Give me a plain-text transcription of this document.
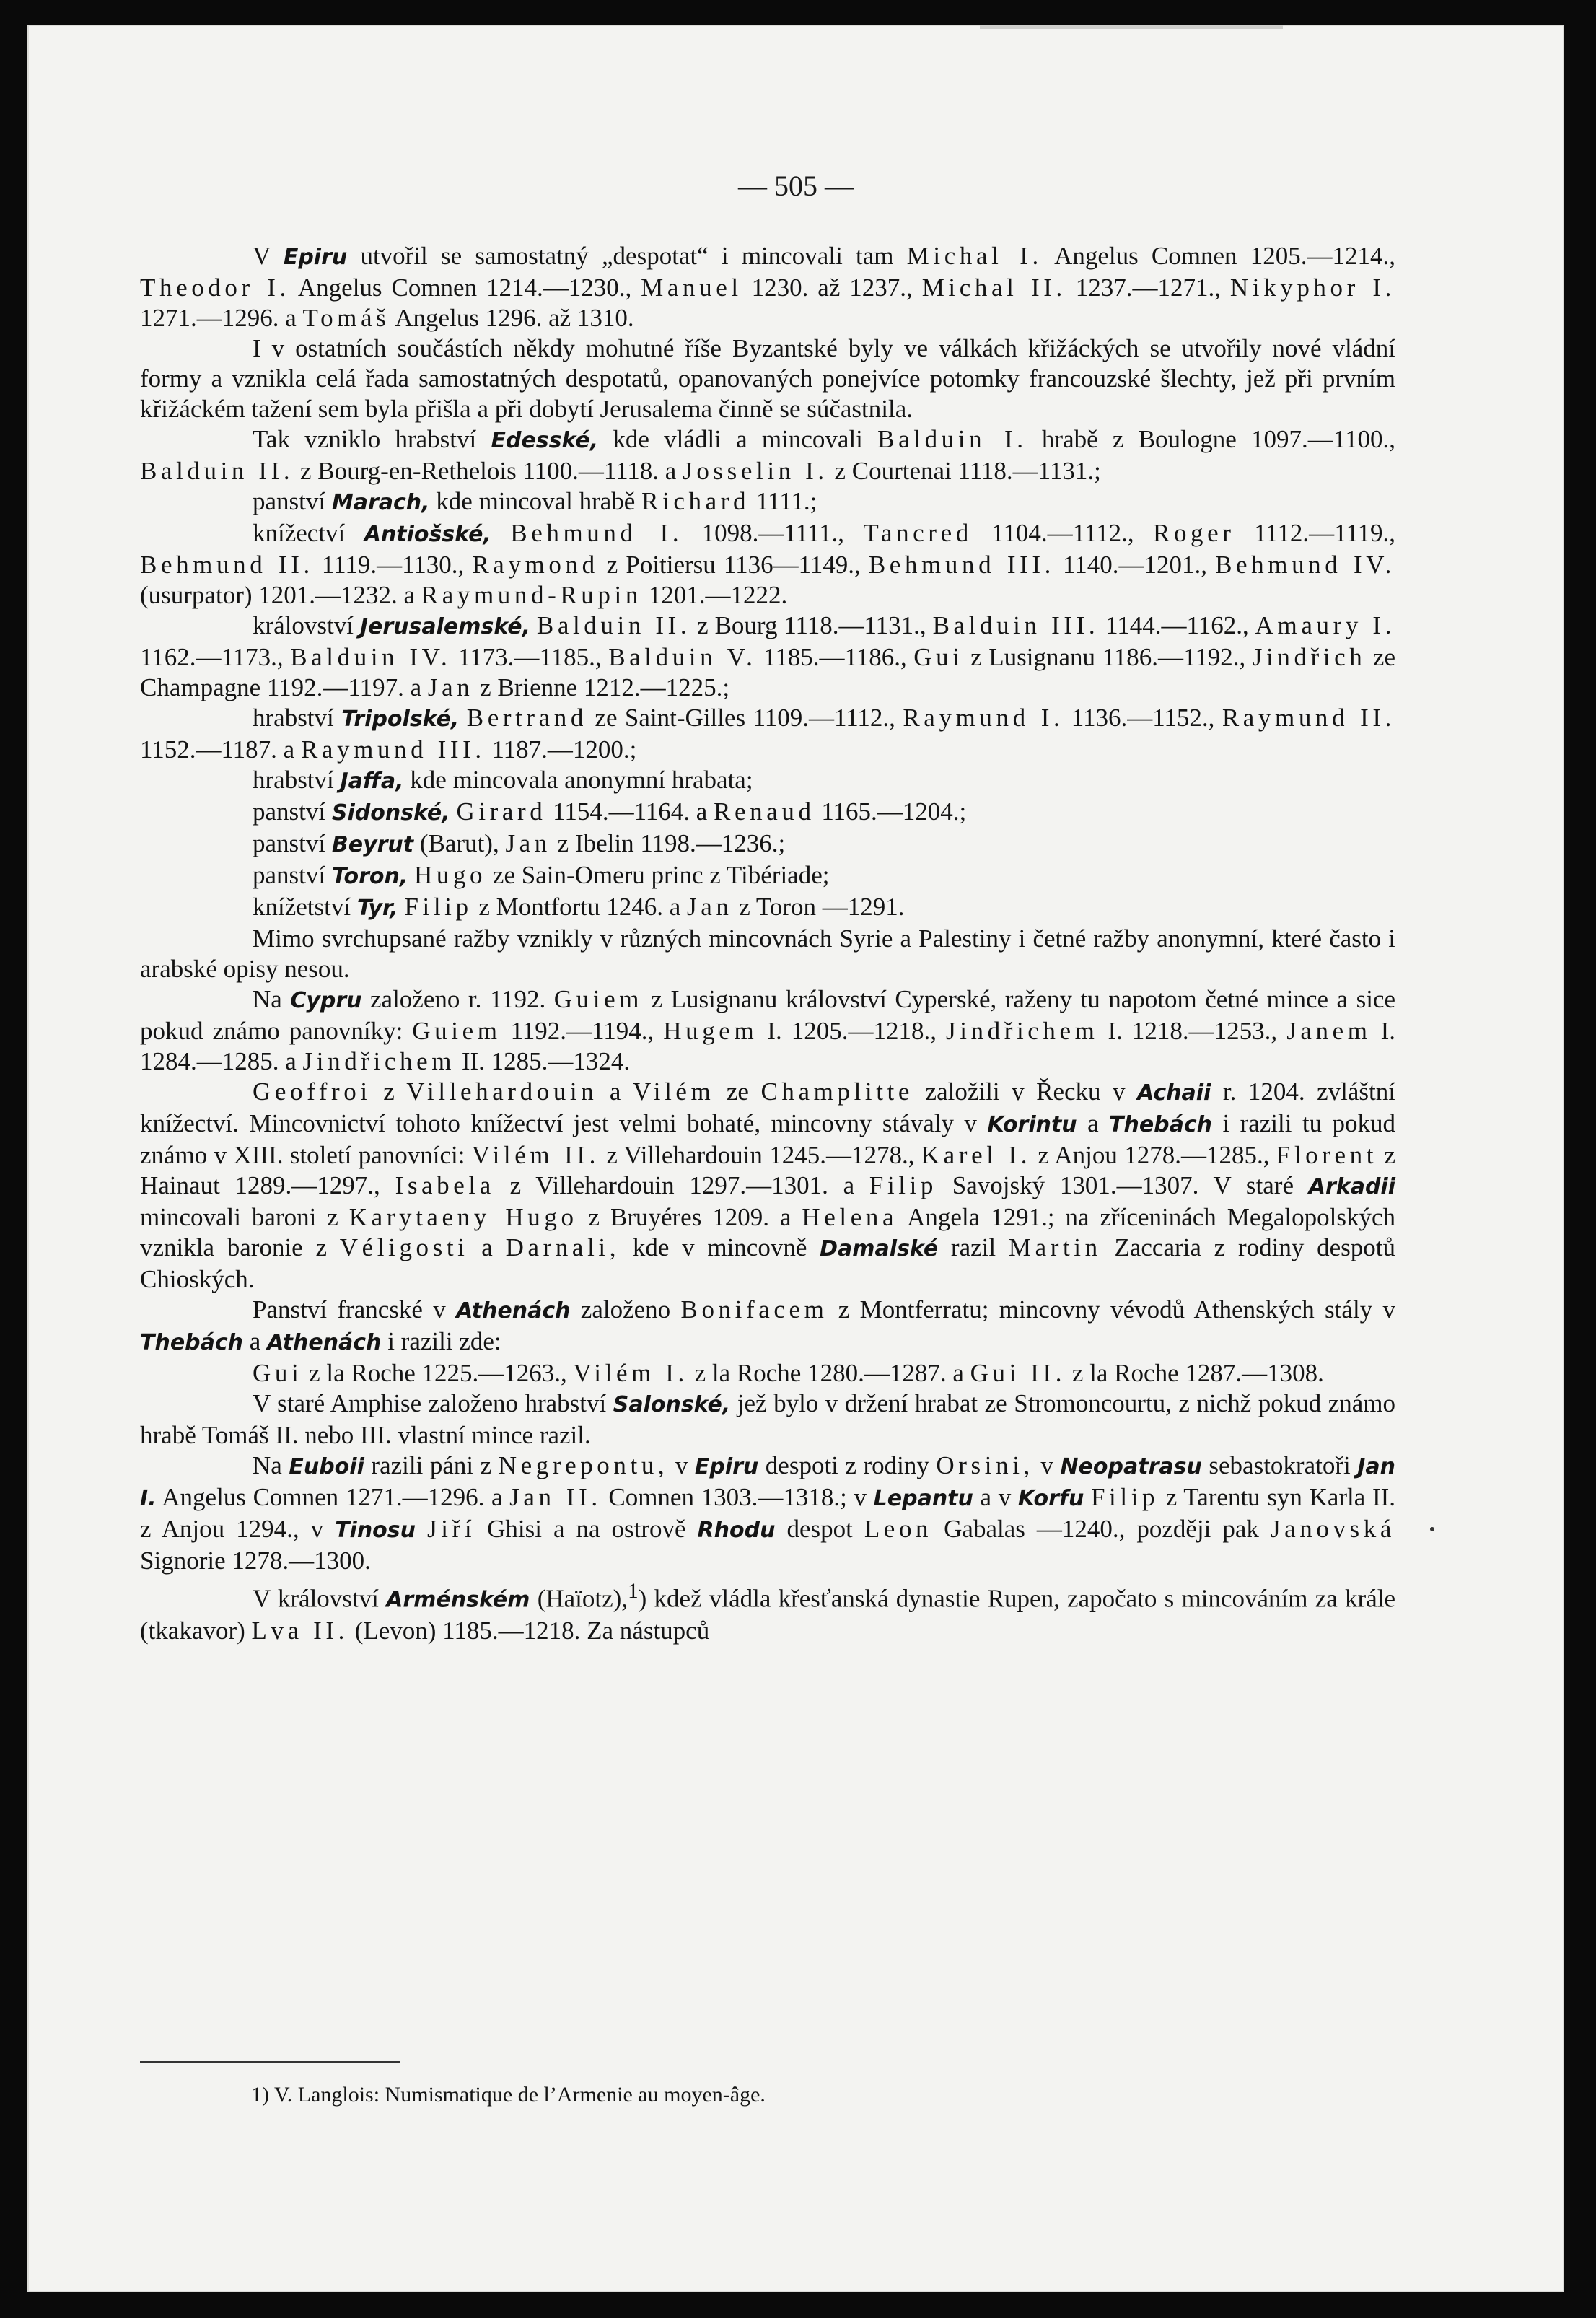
— 505 —

V Epiru utvořil se samostatný „despotat“ i mincovali tam Michal I. Angelus Comnen 1205.—1214., Theodor I. Angelus Comnen 1214.—1230., Manuel 1230. až 1237., Michal II. 1237.—1271., Nikyphor I. 1271.—1296. a Tomáš Angelus 1296. až 1310.

I v ostatních součástích někdy mohutné říše Byzantské byly ve válkách křižáckých se utvořily nové vládní formy a vznikla celá řada samostatných despotatů, opanovaných ponejvíce potomky francouzské šlechty, jež při prvním křižáckém tažení sem byla přišla a při dobytí Jerusalema činně se súčastnila.

Tak vzniklo hrabství Edesské, kde vládli a mincovali Balduin I. hrabě z Boulogne 1097.—1100., Balduin II. z Bourg-en-Rethelois 1100.—1118. a Josselin I. z Courtenai 1118.—1131.;

panství Marach, kde mincoval hrabě Richard 1111.;

knížectví Antiošské, Behmund I. 1098.—1111., Tancred 1104.—1112., Roger 1112.—1119., Behmund II. 1119.—1130., Raymond z Poitiersu 1136—1149., Behmund III. 1140.—1201., Behmund IV. (usurpator) 1201.—1232. a Raymund-Rupin 1201.—1222.

království Jerusalemské, Balduin II. z Bourg 1118.—1131., Balduin III. 1144.—1162., Amaury I. 1162.—1173., Balduin IV. 1173.—1185., Balduin V. 1185.—1186., Gui z Lusignanu 1186.—1192., Jindřich ze Champagne 1192.—1197. a Jan z Brienne 1212.—1225.;

hrabství Tripolské, Bertrand ze Saint-Gilles 1109.—1112., Raymund I. 1136.—1152., Raymund II. 1152.—1187. a Raymund III. 1187.—1200.;

hrabství Jaffa, kde mincovala anonymní hrabata;

panství Sidonské, Girard 1154.—1164. a Renaud 1165.—1204.;

panství Beyrut (Barut), Jan z Ibelin 1198.—1236.;

panství Toron, Hugo ze Sain-Omeru princ z Tibériade;

knížetství Tyr, Filip z Montfortu 1246. a Jan z Toron —1291.

Mimo svrchupsané ražby vznikly v různých mincovnách Syrie a Palestiny i četné ražby anonymní, které často i arabské opisy nesou.

Na Cypru založeno r. 1192. Guiem z Lusignanu království Cyperské, raženy tu napotom četné mince a sice pokud známo panovníky: Guiem 1192.—1194., Hugem I. 1205.—1218., Jindřichem I. 1218.—1253., Janem I. 1284.—1285. a Jindřichem II. 1285.—1324.

Geoffroi z Villehardouin a Vilém ze Champlitte založili v Řecku v Achaii r. 1204. zvláštní knížectví. Mincovnictví tohoto knížectví jest velmi bohaté, mincovny stávaly v Korintu a Thebách i razili tu pokud známo v XIII. století panovníci: Vilém II. z Villehardouin 1245.—1278., Karel I. z Anjou 1278.—1285., Florent z Hainaut 1289.—1297., Isabela z Villehardouin 1297.—1301. a Filip Savojský 1301.—1307. V staré Arkadii mincovali baroni z Karytaeny Hugo z Bruyéres 1209. a Helena Angela 1291.; na zříceninách Megalopolských vznikla baronie z Véligosti a Darnali, kde v mincovně Damalské razil Martin Zaccaria z rodiny despotů Chioských.

Panství francské v Athenách založeno Bonifacem z Montferratu; mincovny vévodů Athenských stály v Thebách a Athenách i razili zde:

Gui z la Roche 1225.—1263., Vilém I. z la Roche 1280.—1287. a Gui II. z la Roche 1287.—1308.

V staré Amphise založeno hrabství Salonské, jež bylo v držení hrabat ze Stromoncourtu, z nichž pokud známo hrabě Tomáš II. nebo III. vlastní mince razil.

Na Euboii razili páni z Negrepontu, v Epiru despoti z rodiny Orsini, v Neopatrasu sebastokratoři Jan I. Angelus Comnen 1271.—1296. a Jan II. Comnen 1303.—1318.; v Lepantu a v Korfu Filip z Tarentu syn Karla II. z Anjou 1294., v Tinosu Jiří Ghisi a na ostrově Rhodu despot Leon Gabalas —1240., později pak Janovská Signorie 1278.—1300.

V království Arménském (Haïotz),$^1$) kdež vládla křesťanská dynastie Rupen, započato s mincováním za krále (tkakavor) Lva II. (Levon) 1185.—1218. Za nástupců

1) V. Langlois: Numismatique de l’Armenie au moyen-âge.
